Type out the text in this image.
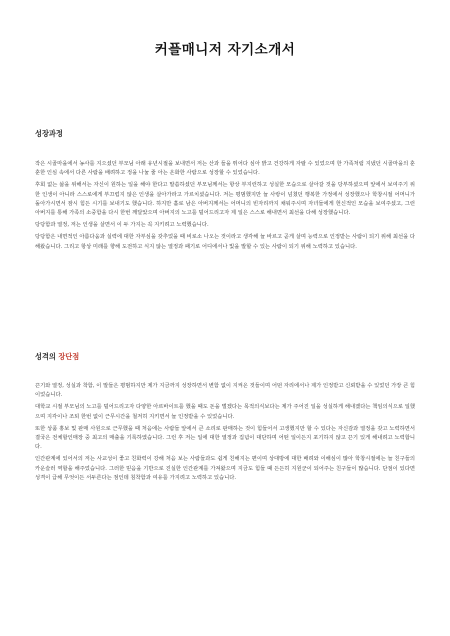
커플매니저 자기소개서
성장과정

작은 시골마을에서 농사를 지으셨던 부모님 아래 유년시절을 보내면서 저는 산과 들을 뛰어다 심아 밝고 건강하게 자랄 수 있었으며 한 가족처럼 지냈던 시골마을의 훈훈한 인심 속에서 다른 사람을 배려하고 정을 나눌 줄 아는 온화한 사람으로 성장할 수 있었습니다.

후회 없는 삶을 위해서는 자신이 원하는 일을 해야 한다고 말씀하셨던 부모님께서는 항상 부지런하고 성실한 모습으로 살아갈 것을 당부하셨으며 앞에서 보여주기 위한 인생이 아니라 스스로에게 부끄럽지 않은 인생을 살아가라고 가르치셨습니다. 저는 평범했지만 늘 사랑이 넘쳤던 행복한 가정에서 성장했으나 학창시절 어머니가 돌아가시면서 잠시 힘든 시기를 보내기도 했습니다. 하지만 홀로 남은 아버지께서는 어머니의 빈자리까지 채워주시며 자녀들에게 헌신적인 모습을 보여주셨고, 그런 아버지를 통해 가족의 소중함을 다시 한번 깨달았으며 아버지의 노고를 덜어드리고자 제 일은 스스로 해내면서 최선을 다해 성장했습니다.

당당함과 열정, 저는 인생을 살면서 이 두 가지는 꼭 지키려고 노력했습니다.

당당함은 내면적인 아름다움과 실력에 대한 자부심을 갖추었을 때 비로소 나오는 것이라고 생각해 늘 바르고 곧게 살며 능력으로 인정받는 사람이 되기 위해 최선을 다해왔습니다. 그리고 항상 미래를 향해 도전하고 식지 않는 열정과 패기로 어디에서나 빛을 발할 수 있는 사람이 되기 위해 노력하고 있습니다.

성격의 장단점

끈기와 열정, 성실과 착함, 이 말들은 평범하지만 제가 지금까지 성장하면서 변함 없이 지켜온 것들이며 어떤 자리에서나 제가 인정받고 신뢰받을 수 있었던 가장 큰 힘이었습니다.

대학교 시절 부모님의 노고를 덜어드리고자 다양한 아르바이트를 했을 때도 돈을 벌겠다는 목적의식보다는 제가 주어진 일을 성실하게 해내겠다는 책임의식으로 일했으며 지각이나 조퇴 한번 없이 근무시간을 철저히 지키면서 늘 인정받을 수 있었습니다.

또한 상품 홍보 및 판매 사원으로 근무했을 때 처음에는 사람들 앞에서 큰 소리로 판매하는 것이 힘들어서 고생했지만 할 수 있다는 자신감과 열정을 갖고 노력하면서 결국은 전체할인매장 중 최고의 매출을 기록하였습니다. 그런 후 저는 일에 대한 열정과 집념이 대단하며 어떤 일이든지 포기하지 않고 끈기 있게 해내려고 노력합니다.

인간관계에 있어서의 저는 사교성이 좋고 친화력이 강해 처음 보는 사람들과도 쉽게 친해지는 편이며 상대방에 대한 배려와 이해심이 많아 학창시절에는 늘 친구들의 카운슬러 역할을 해주었습니다. 그러한 믿음을 기반으로 진실한 인간관계를 가져왔으며 지금도 힘들 때 든든히 지원군이 되어주는 친구들이 많습니다. 단점이 있다면 성격이 급해 무엇이든 서두른다는 점인데 침착함과 여유를 가지려고 노력하고 있습니다.
